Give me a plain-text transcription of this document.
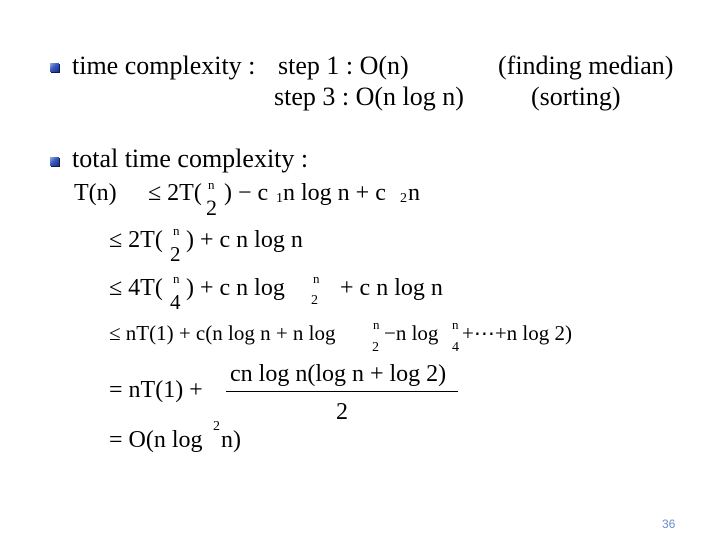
time complexity : step 1 : O(n)	(finding median)
step 3 : O(n log n)	(sorting)
total time complexity :
T(n) ≤ 2T( n
2
) − c 1 n log n + c 2 n
≤ 2T( n
2
) + c n log n
≤ 4T( n
4
) + c n log n
2 + c n log n
≤ nT(1) + c(n log n + n log	n
2
−n log n
4
+⋯+n log 2)
= nT(1) +
cn log n(log n + log 2)
2
= O(n log
2
n)
36
